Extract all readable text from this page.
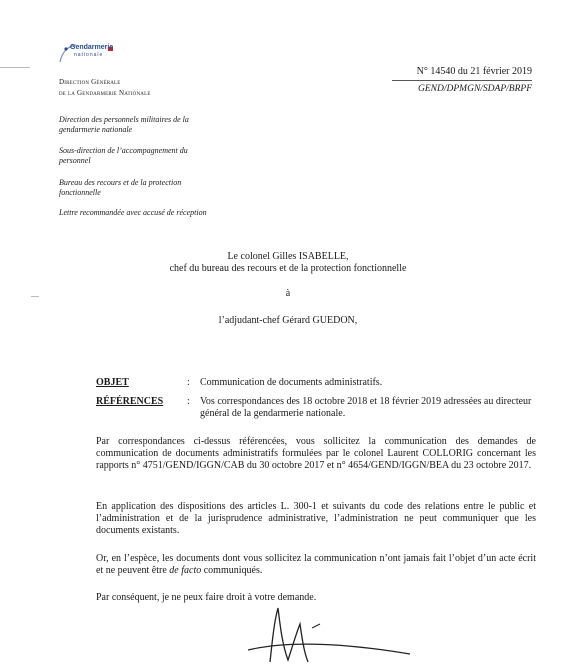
Gendarmerie
nationale
Direction Générale
de la Gendarmerie Nationale
Direction des personnels militaires de la gendarmerie nationale
Sous-direction de l’accompagnement du personnel
Bureau des recours et de la protection fonctionnelle
Lettre recommandée avec accusé de réception
N° 14540 du 21 février 2019
GEND/DPMGN/SDAP/BRPF
Le colonel Gilles ISABELLE,
chef du bureau des recours et de la protection fonctionnelle
à
l’adjudant-chef Gérard GUEDON,
OBJET	: Communication de documents administratifs.
RÉFÉRENCES : Vos correspondances des 18 octobre 2018 et 18 février 2019 adressées au directeur général de la gendarmerie nationale.
Par correspondances ci-dessus référencées, vous sollicitez la communication des demandes de communication de documents administratifs formulées par le colonel Laurent COLLORIG concernant les rapports n° 4751/GEND/IGGN/CAB du 30 octobre 2017 et n° 4654/GEND/IGGN/BEA du 23 octobre 2017.
En application des dispositions des articles L. 300-1 et suivants du code des relations entre le public et l’administration et de la jurisprudence administrative, l’administration ne peut communiquer que les documents existants.
Or, en l’espèce, les documents dont vous sollicitez la communication n’ont jamais fait l’objet d’un acte écrit et ne peuvent être de facto communiqués.
Par conséquent, je ne peux faire droit à votre demande.
